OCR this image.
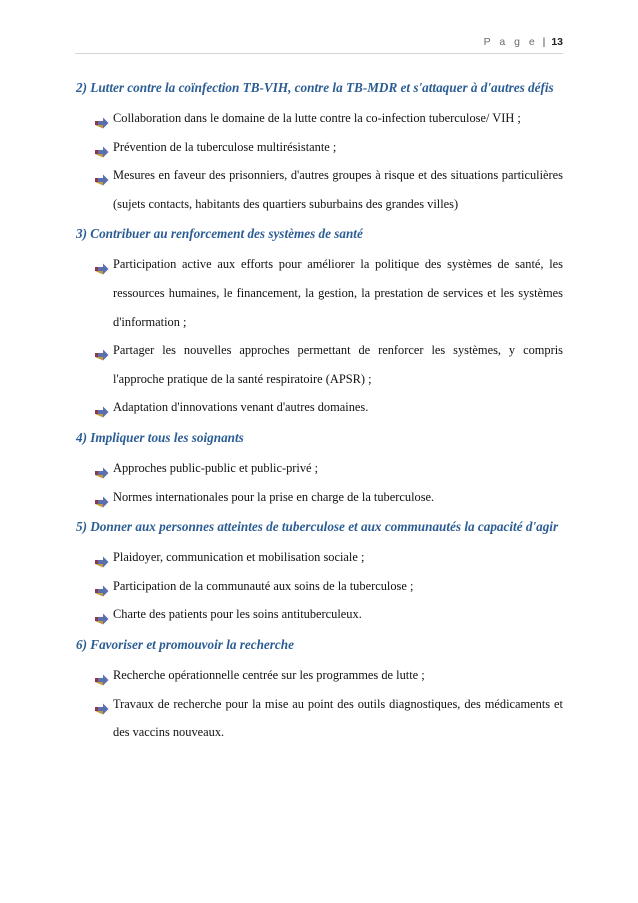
P a g e | 13

2) Lutter contre la coïnfection TB-VIH, contre la TB-MDR et s'attaquer à d'autres défis

Collaboration dans le domaine de la lutte contre la co-infection tuberculose/ VIH ;
Prévention de la tuberculose multirésistante ;
Mesures en faveur des prisonniers, d'autres groupes à risque et des situations particulières (sujets contacts, habitants des quartiers suburbains des grandes villes)

3) Contribuer au renforcement des systèmes de santé

Participation active aux efforts pour améliorer la politique des systèmes de santé, les ressources humaines, le financement, la gestion, la prestation de services et les systèmes d'information ;
Partager les nouvelles approches permettant de renforcer les systèmes, y compris l'approche pratique de la santé respiratoire (APSR) ;
Adaptation d'innovations venant d'autres domaines.

4) Impliquer tous les soignants

Approches public-public et public-privé ;
Normes internationales pour la prise en charge de la tuberculose.

5) Donner aux personnes atteintes de tuberculose et aux communautés la capacité d'agir

Plaidoyer, communication et mobilisation sociale ;
Participation de la communauté aux soins de la tuberculose ;
Charte des patients pour les soins antituberculeux.

6) Favoriser et promouvoir la recherche

Recherche opérationnelle centrée sur les programmes de lutte ;
Travaux de recherche pour la mise au point des outils diagnostiques, des médicaments et des vaccins nouveaux.
